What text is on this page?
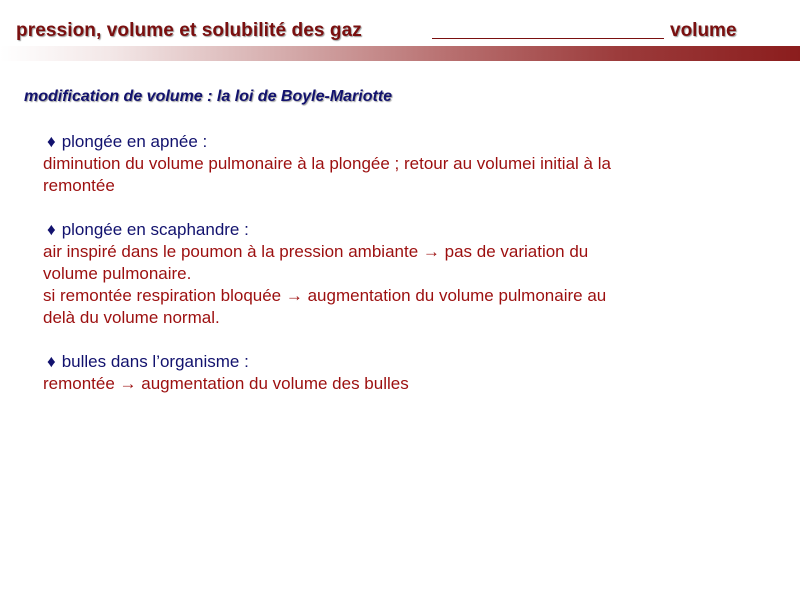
pression, volume et solubilité des gaz	volume
modification de volume : la loi de Boyle-Mariotte
♦ plongée en apnée :
diminution du volume pulmonaire à la plongée ; retour au volumei initial à la
remontée
♦ plongée en scaphandre :
air inspiré dans le poumon à la pression ambiante → pas de variation du
volume pulmonaire.
si remontée respiration bloquée → augmentation du volume pulmonaire au
delà du volume normal.
♦ bulles dans l’organisme :
remontée → augmentation du volume des bulles
